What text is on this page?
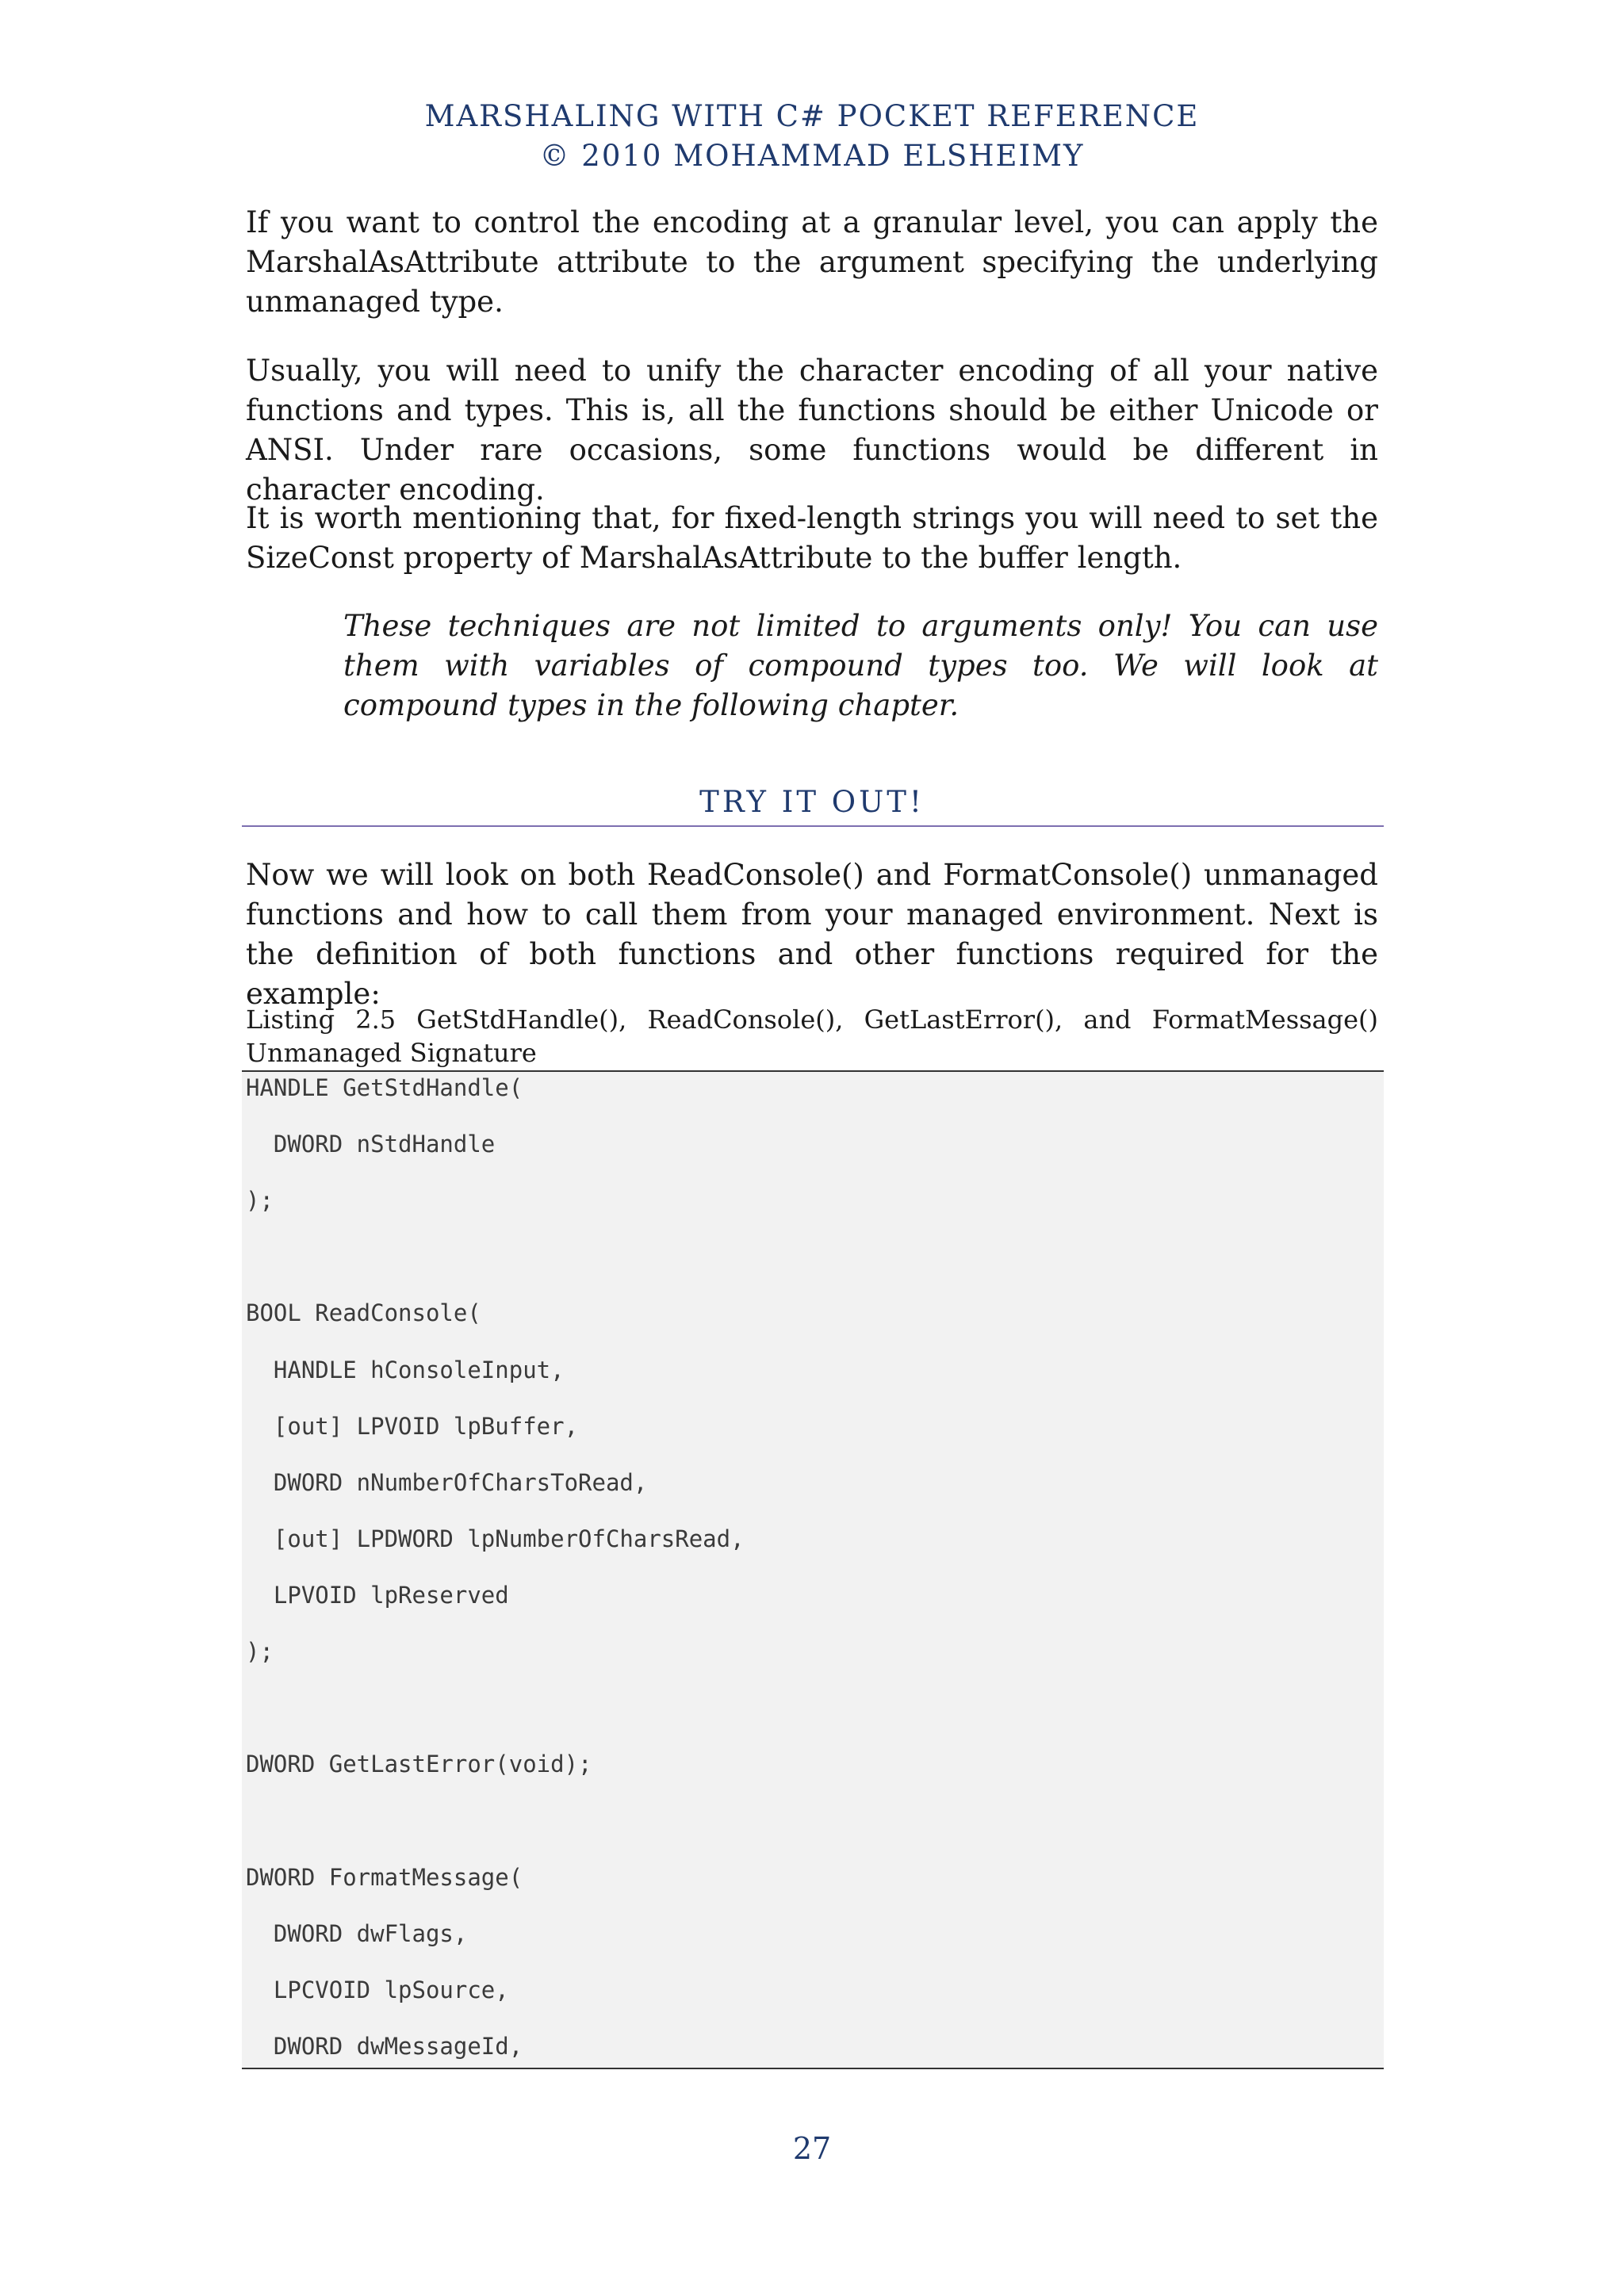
MARSHALING WITH C# POCKET REFERENCE
© 2010 MOHAMMAD ELSHEIMY

If you want to control the encoding at a granular level, you can apply the MarshalAsAttribute attribute to the argument specifying the underlying unmanaged type.

Usually, you will need to unify the character encoding of all your native functions and types. This is, all the functions should be either Unicode or ANSI. Under rare occasions, some functions would be different in character encoding.

It is worth mentioning that, for fixed-length strings you will need to set the SizeConst property of MarshalAsAttribute to the buffer length.

These techniques are not limited to arguments only! You can use them with variables of compound types too. We will look at compound types in the following chapter.

TRY IT OUT!

Now we will look on both ReadConsole() and FormatConsole() unmanaged functions and how to call them from your managed environment. Next is the definition of both functions and other functions required for the example:

Listing 2.5 GetStdHandle(), ReadConsole(), GetLastError(), and FormatMessage() Unmanaged Signature

HANDLE GetStdHandle(
DWORD nStdHandle
);
BOOL ReadConsole(
HANDLE hConsoleInput,
[out] LPVOID lpBuffer,
DWORD nNumberOfCharsToRead,
[out] LPDWORD lpNumberOfCharsRead,
LPVOID lpReserved
);
DWORD GetLastError(void);
DWORD FormatMessage(
DWORD dwFlags,
LPCVOID lpSource,
DWORD dwMessageId,
27
